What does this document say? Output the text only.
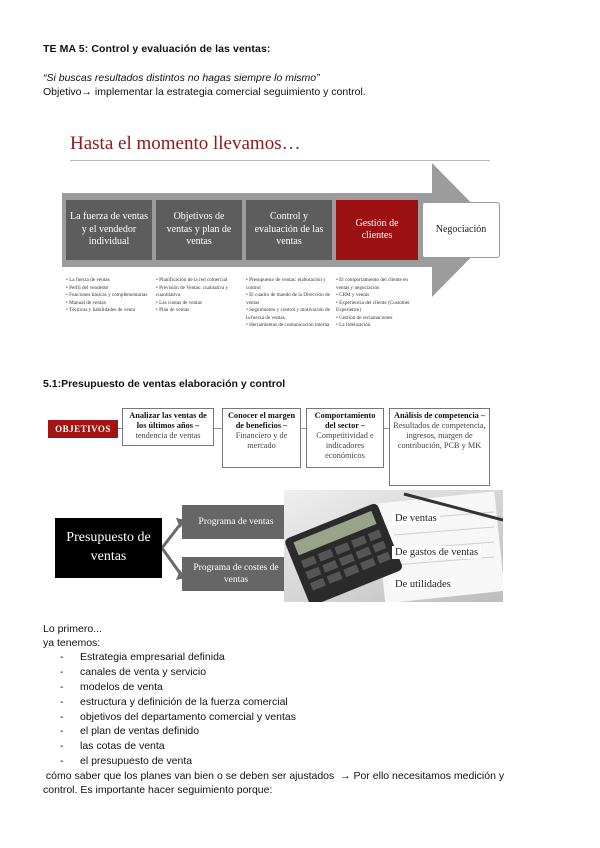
TE MA 5: Control y evaluación de las ventas:
“Si buscas resultados distintos no hagas siempre lo mismo”
Objetivo→ implementar la estrategia comercial seguimiento y control.
Hasta el momento llevamos…
La fuerza de ventas y el vendedor individual
Objetivos de ventas y plan de ventas
Control y evaluación de las ventas
Gestión de clientes
Negociación
• La fuerza de ventas
• Perfil del vendedor
• Funciones básicas y complementarias
• Manual de ventas
• Técnicas y habilidades de venta
• Planificación de la red comercial
• Previsión de Ventas: cualitativa y cuantitativa
• Las cuotas de ventas
• Plan de ventas
• Presupuesto de ventas: elaboración y control
• El cuadro de mando de la Dirección de ventas
• Seguimiento y control y motivación de la fuerza de ventas
• Herramientas de comunicación interna
• El comportamiento del cliente en ventas y negociación
• CRM y ventas
• Experiencia del cliente (Customer Experience)
• Gestión de reclamaciones
• La fidelización
5.1:Presupuesto de ventas elaboración y control
OBJETIVOS
Analizar las ventas de los últimos años –
tendencia de ventas
Conocer el margen de beneficios –
Financiero y de mercado
Comportamiento del sector –
Competitividad e indicadores económicos
Análisis de competencia –
Resultados de competencia, ingresos, margen de contribución, PCB y MK
Presupuesto de ventas
Programa de ventas
Programa de costes de ventas
De ventas
De gastos de ventas
De utilidades
Lo primero...
ya tenemos:
- Estrategia empresarial definida
- canales de venta y servicio
- modelos de venta
- estructura y definición de la fuerza comercial
- objetivos del departamento comercial y ventas
- el plan de ventas definido
- las cotas de venta
- el presupuesto de venta
cómo saber que los planes van bien o se deben ser ajustados  → Por ello necesitamos medición y
control. Es importante hacer seguimiento porque:
